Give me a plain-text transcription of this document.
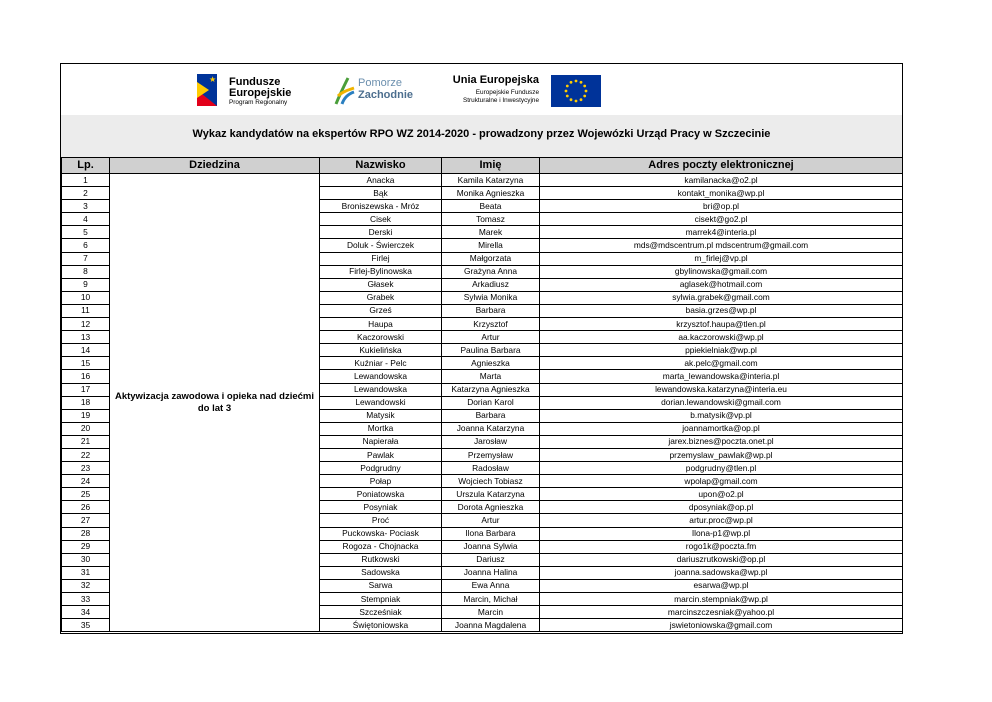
★ Fundusze
Europejskie
Program Regionalny
Pomorze
Zachodnie
Unia Europejska
Europejskie Fundusze
Strukturalne i Inwestycyjne
Wykaz kandydatów na ekspertów RPO WZ 2014-2020 - prowadzony przez Wojewózki Urząd Pracy w Szczecinie
Lp.	Dziedzina	Nazwisko	Imię	Adres poczty elektronicznej
1	Aktywizacja zawodowa i opieka nad dziećmi do lat 3	Anacka	Kamila Katarzyna	kamilanacka@o2.pl
2		Bąk	Monika Agnieszka	kontakt_monika@wp.pl
3		Broniszewska - Mróz	Beata	bri@op.pl
4		Cisek	Tomasz	cisekt@go2.pl
5		Derski	Marek	marrek4@interia.pl
6		Doluk - Świerczek	Mirella	mds@mdscentrum.pl mdscentrum@gmail.com
7		Firlej	Małgorzata	m_firlej@vp.pl
8		Firlej-Bylinowska	Grażyna Anna	gbylinowska@gmail.com
9		Głasek	Arkadiusz	aglasek@hotmail.com
10		Grabek	Sylwia Monika	sylwia.grabek@gmail.com
11		Grześ	Barbara	basia.grzes@wp.pl
12		Haupa	Krzysztof	krzysztof.haupa@tlen.pl
13		Kaczorowski	Artur	aa.kaczorowski@wp.pl
14		Kukielińska	Paulina Barbara	ppiekielniak@wp.pl
15		Kuźniar - Pelc	Agnieszka	ak.pelc@gmail.com
16		Lewandowska	Marta	marta_lewandowska@interia.pl
17		Lewandowska	Katarzyna Agnieszka	lewandowska.katarzyna@interia.eu
18		Lewandowski	Dorian Karol	dorian.lewandowski@gmail.com
19		Matysik	Barbara	b.matysik@vp.pl
20		Mortka	Joanna Katarzyna	joannamortka@op.pl
21		Napierała	Jarosław	jarex.biznes@poczta.onet.pl
22		Pawlak	Przemysław	przemyslaw_pawlak@wp.pl
23		Podgrudny	Radosław	podgrudny@tlen.pl
24		Połap	Wojciech Tobiasz	wpolap@gmail.com
25		Poniatowska	Urszula Katarzyna	upon@o2.pl
26		Posyniak	Dorota Agnieszka	dposyniak@op.pl
27		Proć	Artur	artur.proc@wp.pl
28		Puckowska- Pociask	Ilona Barbara	Ilona-p1@wp.pl
29		Rogoza - Chojnacka	Joanna Sylwia	rogo1k@poczta.fm
30		Rutkowski	Dariusz	dariuszrutkowski@op.pl
31		Sadowska	Joanna Halina	joanna.sadowska@wp.pl
32		Sarwa	Ewa Anna	esarwa@wp.pl
33		Stempniak	Marcin, Michał	marcin.stempniak@wp.pl
34		Szcześniak	Marcin	marcinszczesniak@yahoo.pl
35		Świętoniowska	Joanna Magdalena	jswietoniowska@gmail.com
